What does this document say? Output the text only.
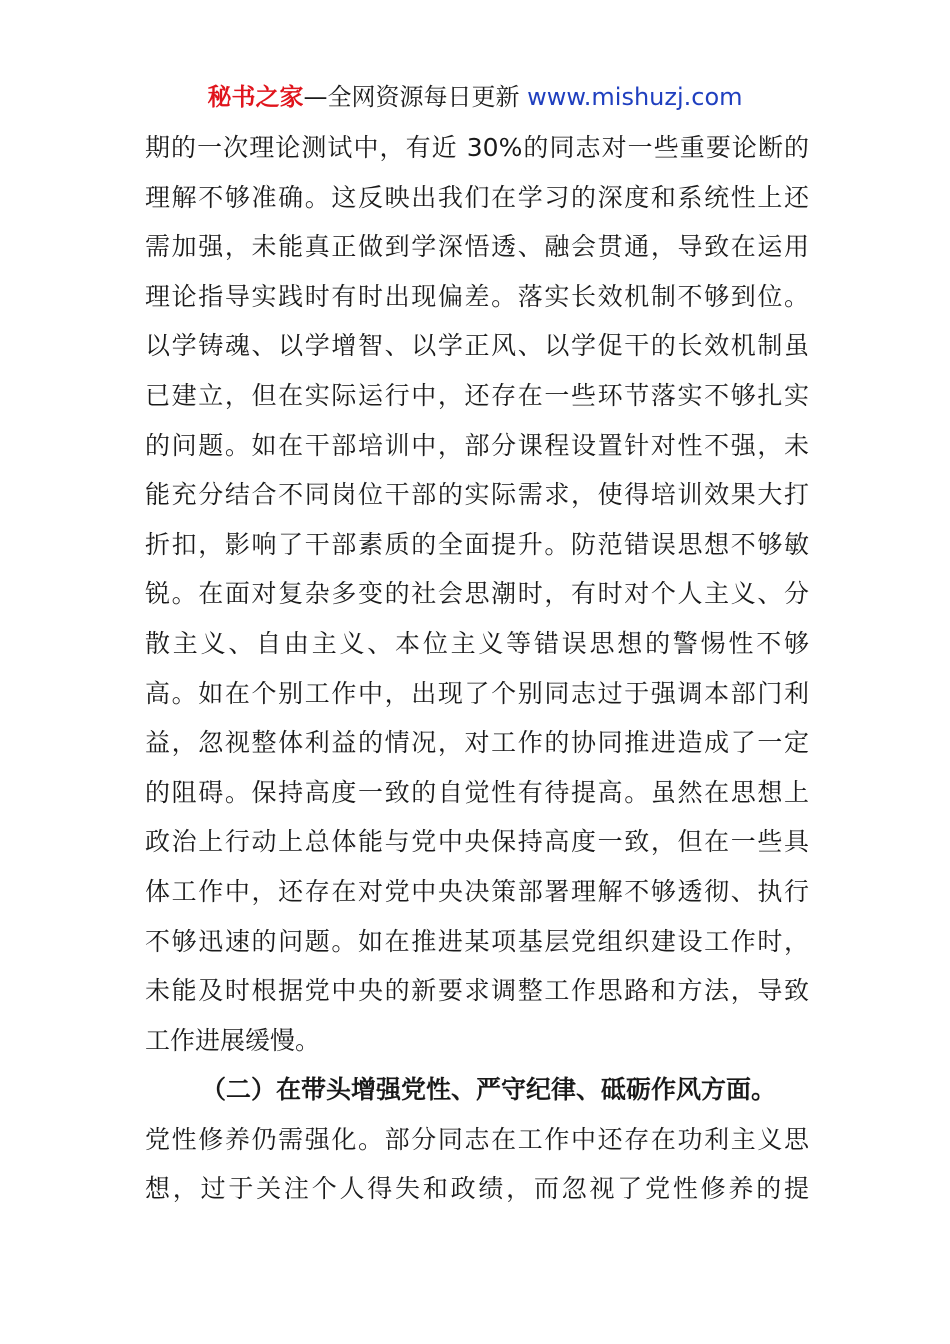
秘书之家—全网资源每日更新 www.mishuzj.com
期的一次理论测试中，有近 30%的同志对一些重要论断的
理解不够准确。这反映出我们在学习的深度和系统性上还
需加强，未能真正做到学深悟透、融会贯通，导致在运用
理论指导实践时有时出现偏差。落实长效机制不够到位。
以学铸魂、以学增智、以学正风、以学促干的长效机制虽
已建立，但在实际运行中，还存在一些环节落实不够扎实
的问题。如在干部培训中，部分课程设置针对性不强，未
能充分结合不同岗位干部的实际需求，使得培训效果大打
折扣，影响了干部素质的全面提升。防范错误思想不够敏
锐。在面对复杂多变的社会思潮时，有时对个人主义、分
散主义、自由主义、本位主义等错误思想的警惕性不够
高。如在个别工作中，出现了个别同志过于强调本部门利
益，忽视整体利益的情况，对工作的协同推进造成了一定
的阻碍。保持高度一致的自觉性有待提高。虽然在思想上
政治上行动上总体能与党中央保持高度一致，但在一些具
体工作中，还存在对党中央决策部署理解不够透彻、执行
不够迅速的问题。如在推进某项基层党组织建设工作时，
未能及时根据党中央的新要求调整工作思路和方法，导致
工作进展缓慢。
（二）在带头增强党性、严守纪律、砥砺作风方面。
党性修养仍需强化。部分同志在工作中还存在功利主义思
想，过于关注个人得失和政绩，而忽视了党性修养的提
